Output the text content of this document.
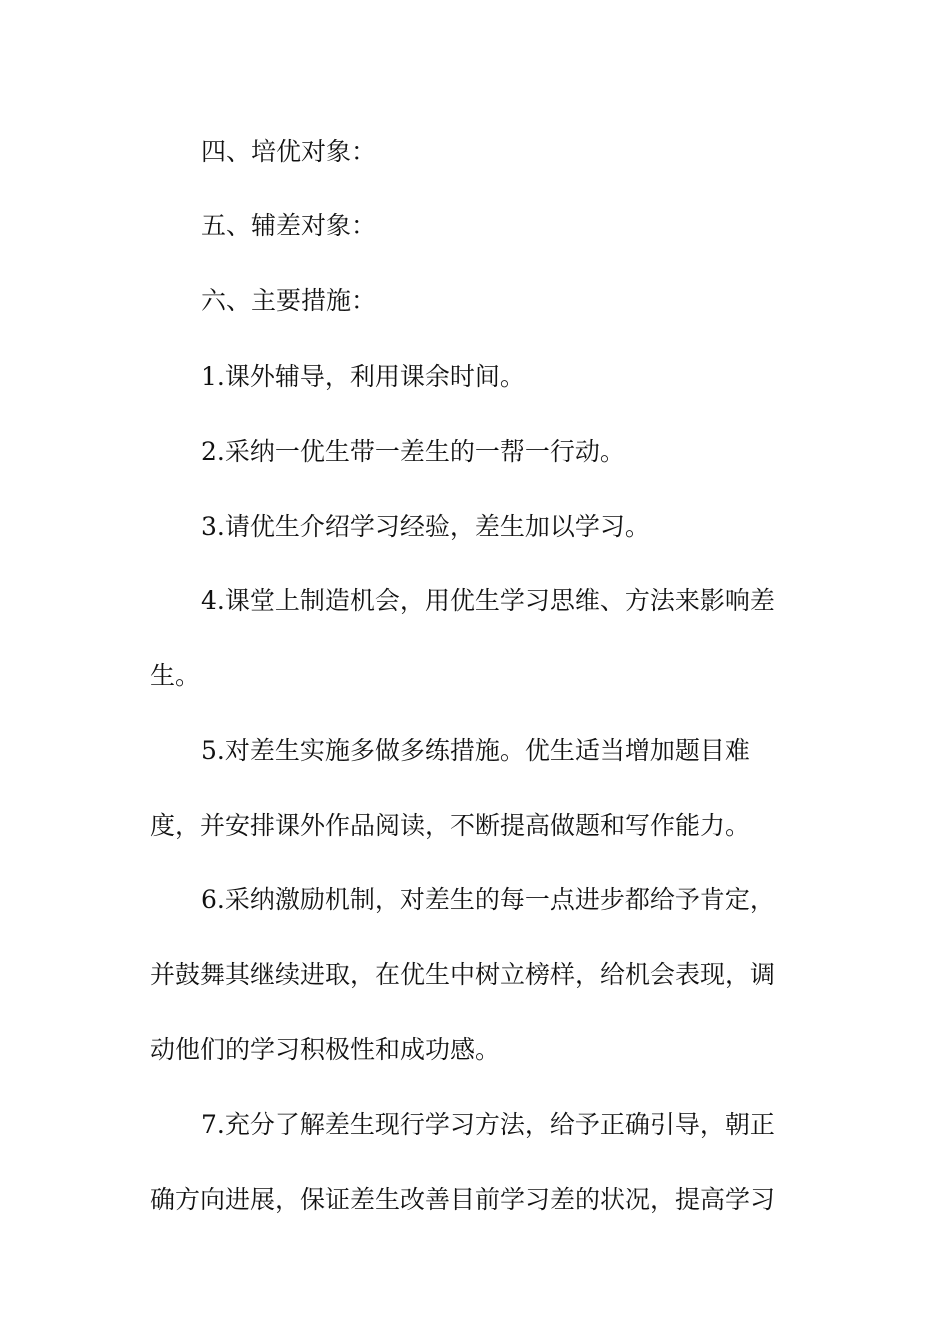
四、培优对象：
五、辅差对象：
六、主要措施：
1.课外辅导，利用课余时间。
2.采纳一优生带一差生的一帮一行动。
3.请优生介绍学习经验，差生加以学习。
4.课堂上制造机会，用优生学习思维、方法来影响差
生。
5.对差生实施多做多练措施。优生适当增加题目难
度，并安排课外作品阅读，不断提高做题和写作能力。
6.采纳激励机制，对差生的每一点进步都给予肯定，
并鼓舞其继续进取，在优生中树立榜样，给机会表现，调
动他们的学习积极性和成功感。
7.充分了解差生现行学习方法，给予正确引导，朝正
确方向进展，保证差生改善目前学习差的状况，提高学习
